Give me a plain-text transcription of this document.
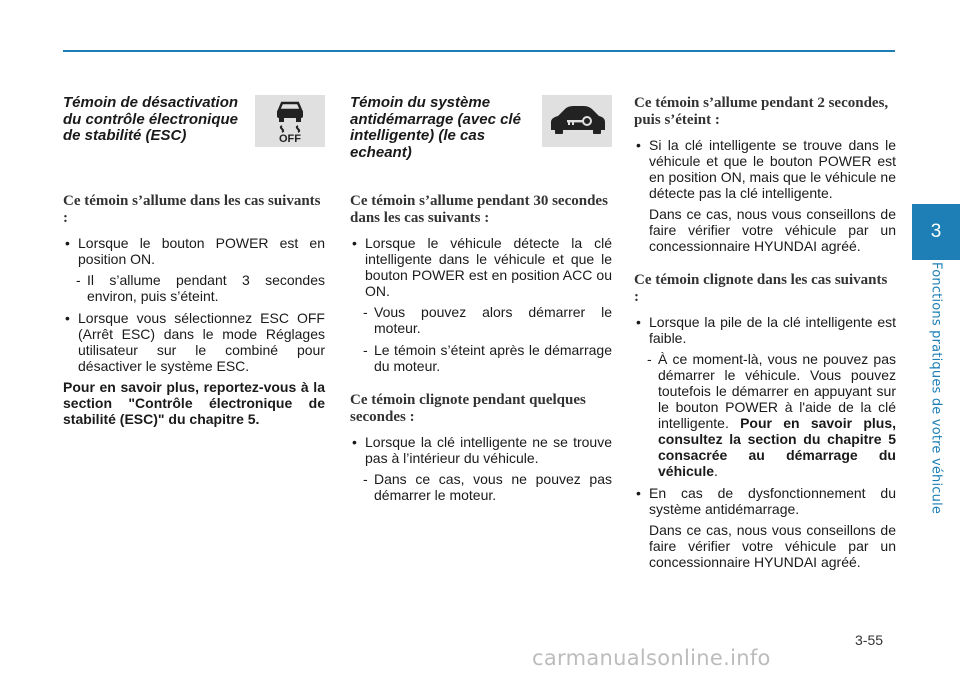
3
Fonctions pratiques de votre véhicule
Témoin de désactivation du contrôle électronique de stabilité (ESC)	OFF
Ce témoin s’allume dans les cas suivants :
• Lorsque le bouton POWER est en position ON.
- Il s’allume pendant 3 secondes environ, puis s’éteint.
• Lorsque vous sélectionnez ESC OFF (Arrêt ESC) dans le mode Réglages utilisateur sur le combiné pour désactiver le système ESC.
Pour en savoir plus, reportez-vous à la section "Contrôle électronique de stabilité (ESC)" du chapitre 5.
Témoin du système antidémarrage (avec clé intelligente) (le cas echeant)
Ce témoin s’allume pendant 30 secondes dans les cas suivants :
• Lorsque le véhicule détecte la clé intelligente dans le véhicule et que le bouton POWER est en position ACC ou ON.
- Vous pouvez alors démarrer le moteur.
- Le témoin s’éteint après le démarrage du moteur.
Ce témoin clignote pendant quelques secondes :
• Lorsque la clé intelligente ne se trouve pas à l’intérieur du véhicule.
- Dans ce cas, vous ne pouvez pas démarrer le moteur.
Ce témoin s’allume pendant 2 secondes, puis s’éteint :
• Si la clé intelligente se trouve dans le véhicule et que le bouton POWER est en position ON, mais que le véhicule ne détecte pas la clé intelligente.
Dans ce cas, nous vous conseillons de faire vérifier votre véhicule par un concessionnaire HYUNDAI agréé.
Ce témoin clignote dans les cas suivants :
• Lorsque la pile de la clé intelligente est faible.
- À ce moment-là, vous ne pouvez pas démarrer le véhicule. Vous pouvez toutefois le démarrer en appuyant sur le bouton POWER à l'aide de la clé intelligente. Pour en savoir plus, consultez la section du chapitre 5 consacrée au démarrage du véhicule.
• En cas de dysfonctionnement du système antidémarrage.
Dans ce cas, nous vous conseillons de faire vérifier votre véhicule par un concessionnaire HYUNDAI agréé.
3-55
carmanualsonline.info
